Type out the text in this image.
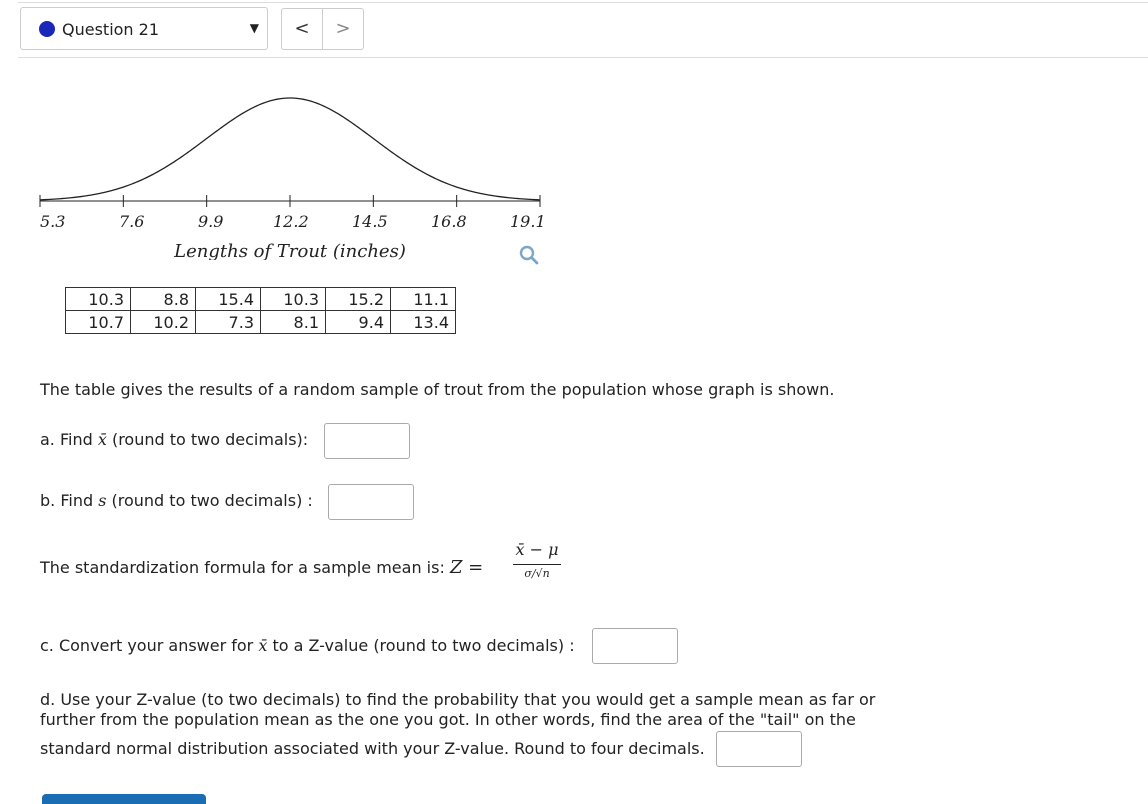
Question 21	▼	<	>
5.3	7.6	9.9	12.2	14.5	16.8	19.1
Lengths of Trout (inches)
10.3	8.8	15.4	10.3	15.2	11.1
10.7	10.2	7.3	8.1	9.4	13.4
The table gives the results of a random sample of trout from the population whose graph is shown.
a. Find x̄ (round to two decimals):
b. Find s (round to two decimals) :
The standardization formula for a sample mean is: Z =
x̄ − μ
σ/√n
c. Convert your answer for x̄ to a Z-value (round to two decimals) :
d. Use your Z-value (to two decimals) to find the probability that you would get a sample mean as far or
further from the population mean as the one you got. In other words, find the area of the "tail" on the
standard normal distribution associated with your Z-value. Round to four decimals.
